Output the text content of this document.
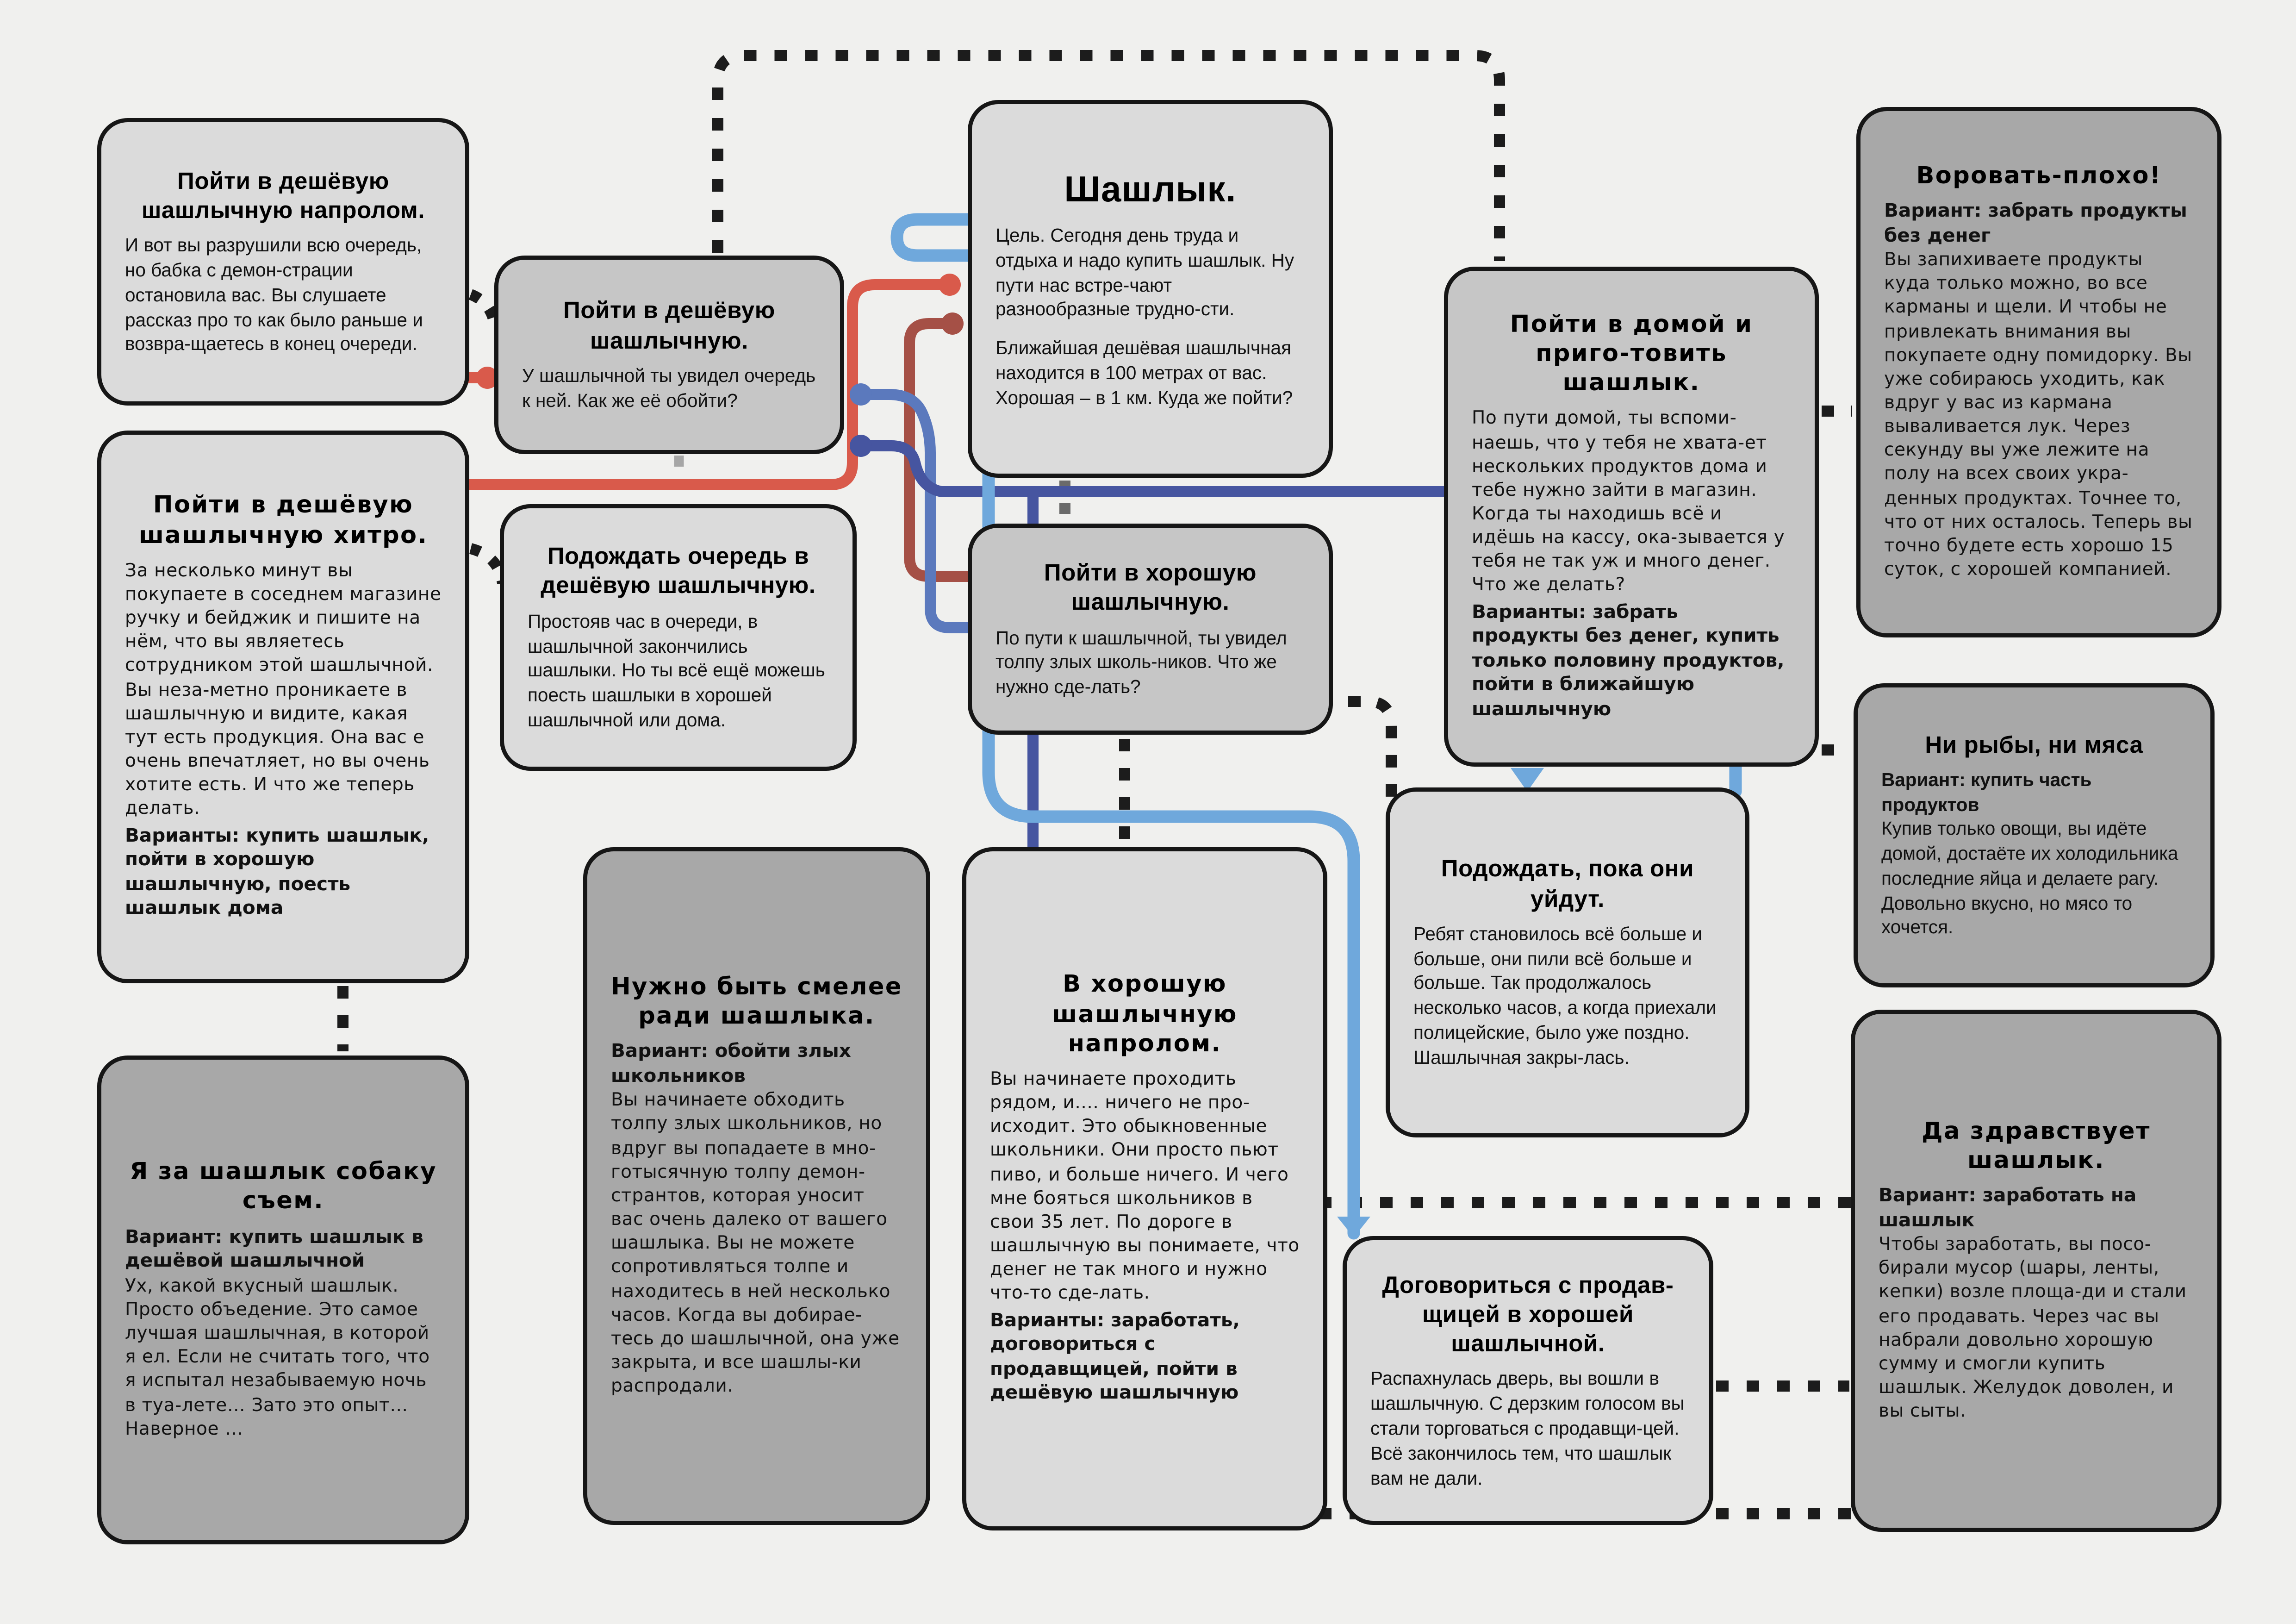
Пойти в дешёвую шашлычную напролом.
И вот вы разрушили всю очередь, но бабка с демон-страции остановила вас. Вы слушаете рассказ про то как было раньше и возвра-щаетесь в конец очереди.
Пойти в дешёвую шашлычную хитро.
За несколько минут вы покупаете в соседнем магазине ручку и бейджик и пишите на нём, что вы являетесь сотрудником этой шашлычной. Вы неза-метно проникаете в шашлычную и видите, какая тут есть продукция. Она вас е очень впечатляет, но вы очень хотите есть. И что же теперь делать.
Варианты: купить шашлык, пойти в хорошую шашлычную, поесть шашлык дома
Я за шашлык собаку съем.
Вариант: купить шашлык в дешёвой шашлычной
Ух, какой вкусный шашлык. Просто объедение. Это самое лучшая шашлычная, в которой я ел. Если не считать того, что я испытал незабываемую ночь в туа-лете… Зато это опыт… Наверное …
Пойти в дешёвую шашлычную.
У шашлычной ты увидел очередь к ней. Как же её обойти?
Подождать очередь в дешёвую шашлычную.
Простояв час в очереди, в шашлычной закончились шашлыки. Но ты всё ещё можешь поесть шашлыки в хорошей шашлычной или дома.
Шашлык.
Цель. Сегодня день труда и отдыха и надо купить шашлык. Ну пути нас встре-чают разнообразные трудно-сти.
Ближайшая дешёвая шашлычная находится в 100 метрах от вас. Хорошая – в 1 км. Куда же пойти?
Пойти в хорошую шашлычную.
По пути к шашлычной, ты увидел толпу злых школь-ников. Что же нужно сде-лать?
Пойти в домой и приго-товить шашлык.
По пути домой, ты вспоми-наешь, что у тебя не хвата-ет нескольких продуктов дома и тебе нужно зайти в магазин. Когда ты находишь всё и идёшь на кассу, ока-зывается у тебя не так уж и много денег. Что же делать?
Варианты: забрать продукты без денег, купить только половину продуктов, пойти в ближайшую шашлычную
Воровать-плохо!
Вариант: забрать продукты без денег
Вы запихиваете продукты куда только можно, во все карманы и щели. И чтобы не привлекать внимания вы покупаете одну помидорку. Вы уже собираюсь уходить, как вдруг у вас из кармана вываливается лук. Через секунду вы уже лежите на полу на всех своих укра-денных продуктах. Точнее то, что от них осталось. Теперь вы точно будете есть хорошо 15 суток, с хорошей компанией.
Ни рыбы, ни мяса
Вариант: купить часть продуктов
Купив только овощи, вы идёте домой, достаёте их холодильника последние яйца и делаете рагу. Довольно вкусно, но мясо то хочется.
Да здравствует шашлык.
Вариант: заработать на шашлык
Чтобы заработать, вы посо-бирали мусор (шары, ленты, кепки) возле площа-ди и стали его продавать. Через час вы набрали довольно хорошую сумму и смогли купить шашлык. Желудок доволен, и вы сыты.
Подождать, пока они уйдут.
Ребят становилось всё больше и больше, они пили всё больше и больше. Так продолжалось несколько часов, а когда приехали полицейские, было уже поздно. Шашлычная закры-лась.
Нужно быть смелее ради шашлыка.
Вариант: обойти злых школьников
Вы начинаете обходить толпу злых школьников, но вдруг вы попадаете в мно-готысячную толпу демон-странтов, которая уносит вас очень далеко от вашего шашлыка. Вы не можете сопротивляться толпе и находитесь в ней несколько часов. Когда вы добирае-тесь до шашлычной, она уже закрыта, и все шашлы-ки распродали.
В хорошую шашлычную напролом.
Вы начинаете проходить рядом, и.... ничего не про-исходит. Это обыкновенные школьники. Они просто пьют пиво, и больше ничего. И чего мне бояться школьников в свои 35 лет. По дороге в шашлычную вы понимаете, что денег не так много и нужно что-то сде-лать.
Варианты: заработать, договориться с продавщицей, пойти в дешёвую шашлычную
Договориться с продав-щицей в хорошей шашлычной.
Распахнулась дверь, вы вошли в шашлычную. С дерзким голосом вы стали торговаться с продавщи-цей. Всё закончилось тем, что шашлык вам не дали.
